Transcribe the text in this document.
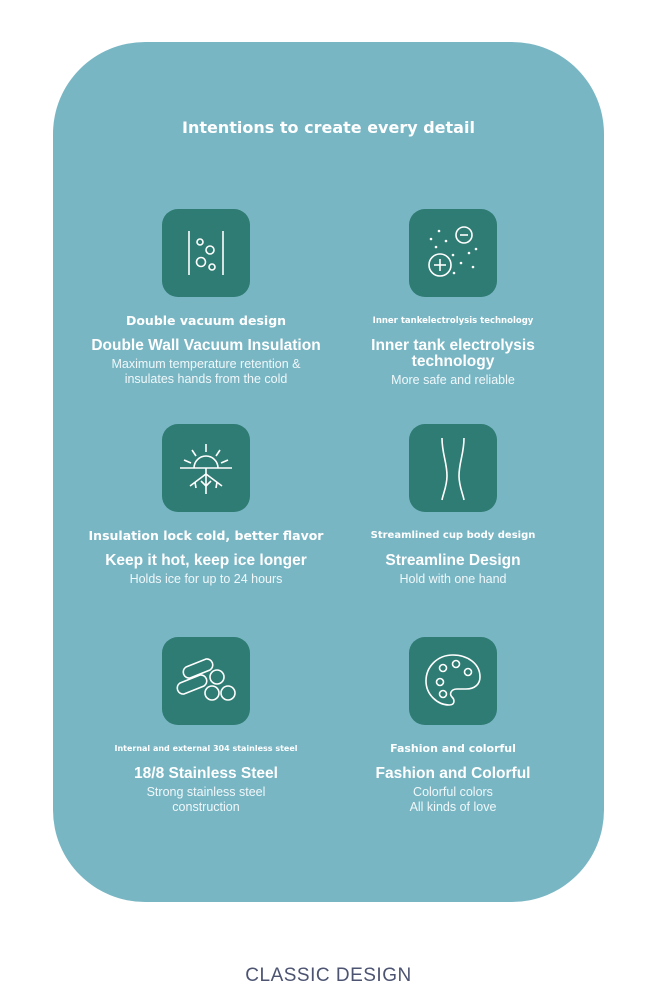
Intentions to create every detail
Double vacuum design
Double Wall Vacuum Insulation
Maximum temperature retention &
insulates hands from the cold
Inner tankelectrolysis technology
Inner tank electrolysis
technology
More safe and reliable
Insulation lock cold, better flavor
Keep it hot, keep ice longer
Holds ice for up to 24 hours
Streamlined cup body design
Streamline Design
Hold with one hand
Internal and external 304 stainless steel
18/8 Stainless Steel
Strong stainless steel
construction
Fashion and colorful
Fashion and Colorful
Colorful colors
All kinds of love
CLASSIC DESIGN
